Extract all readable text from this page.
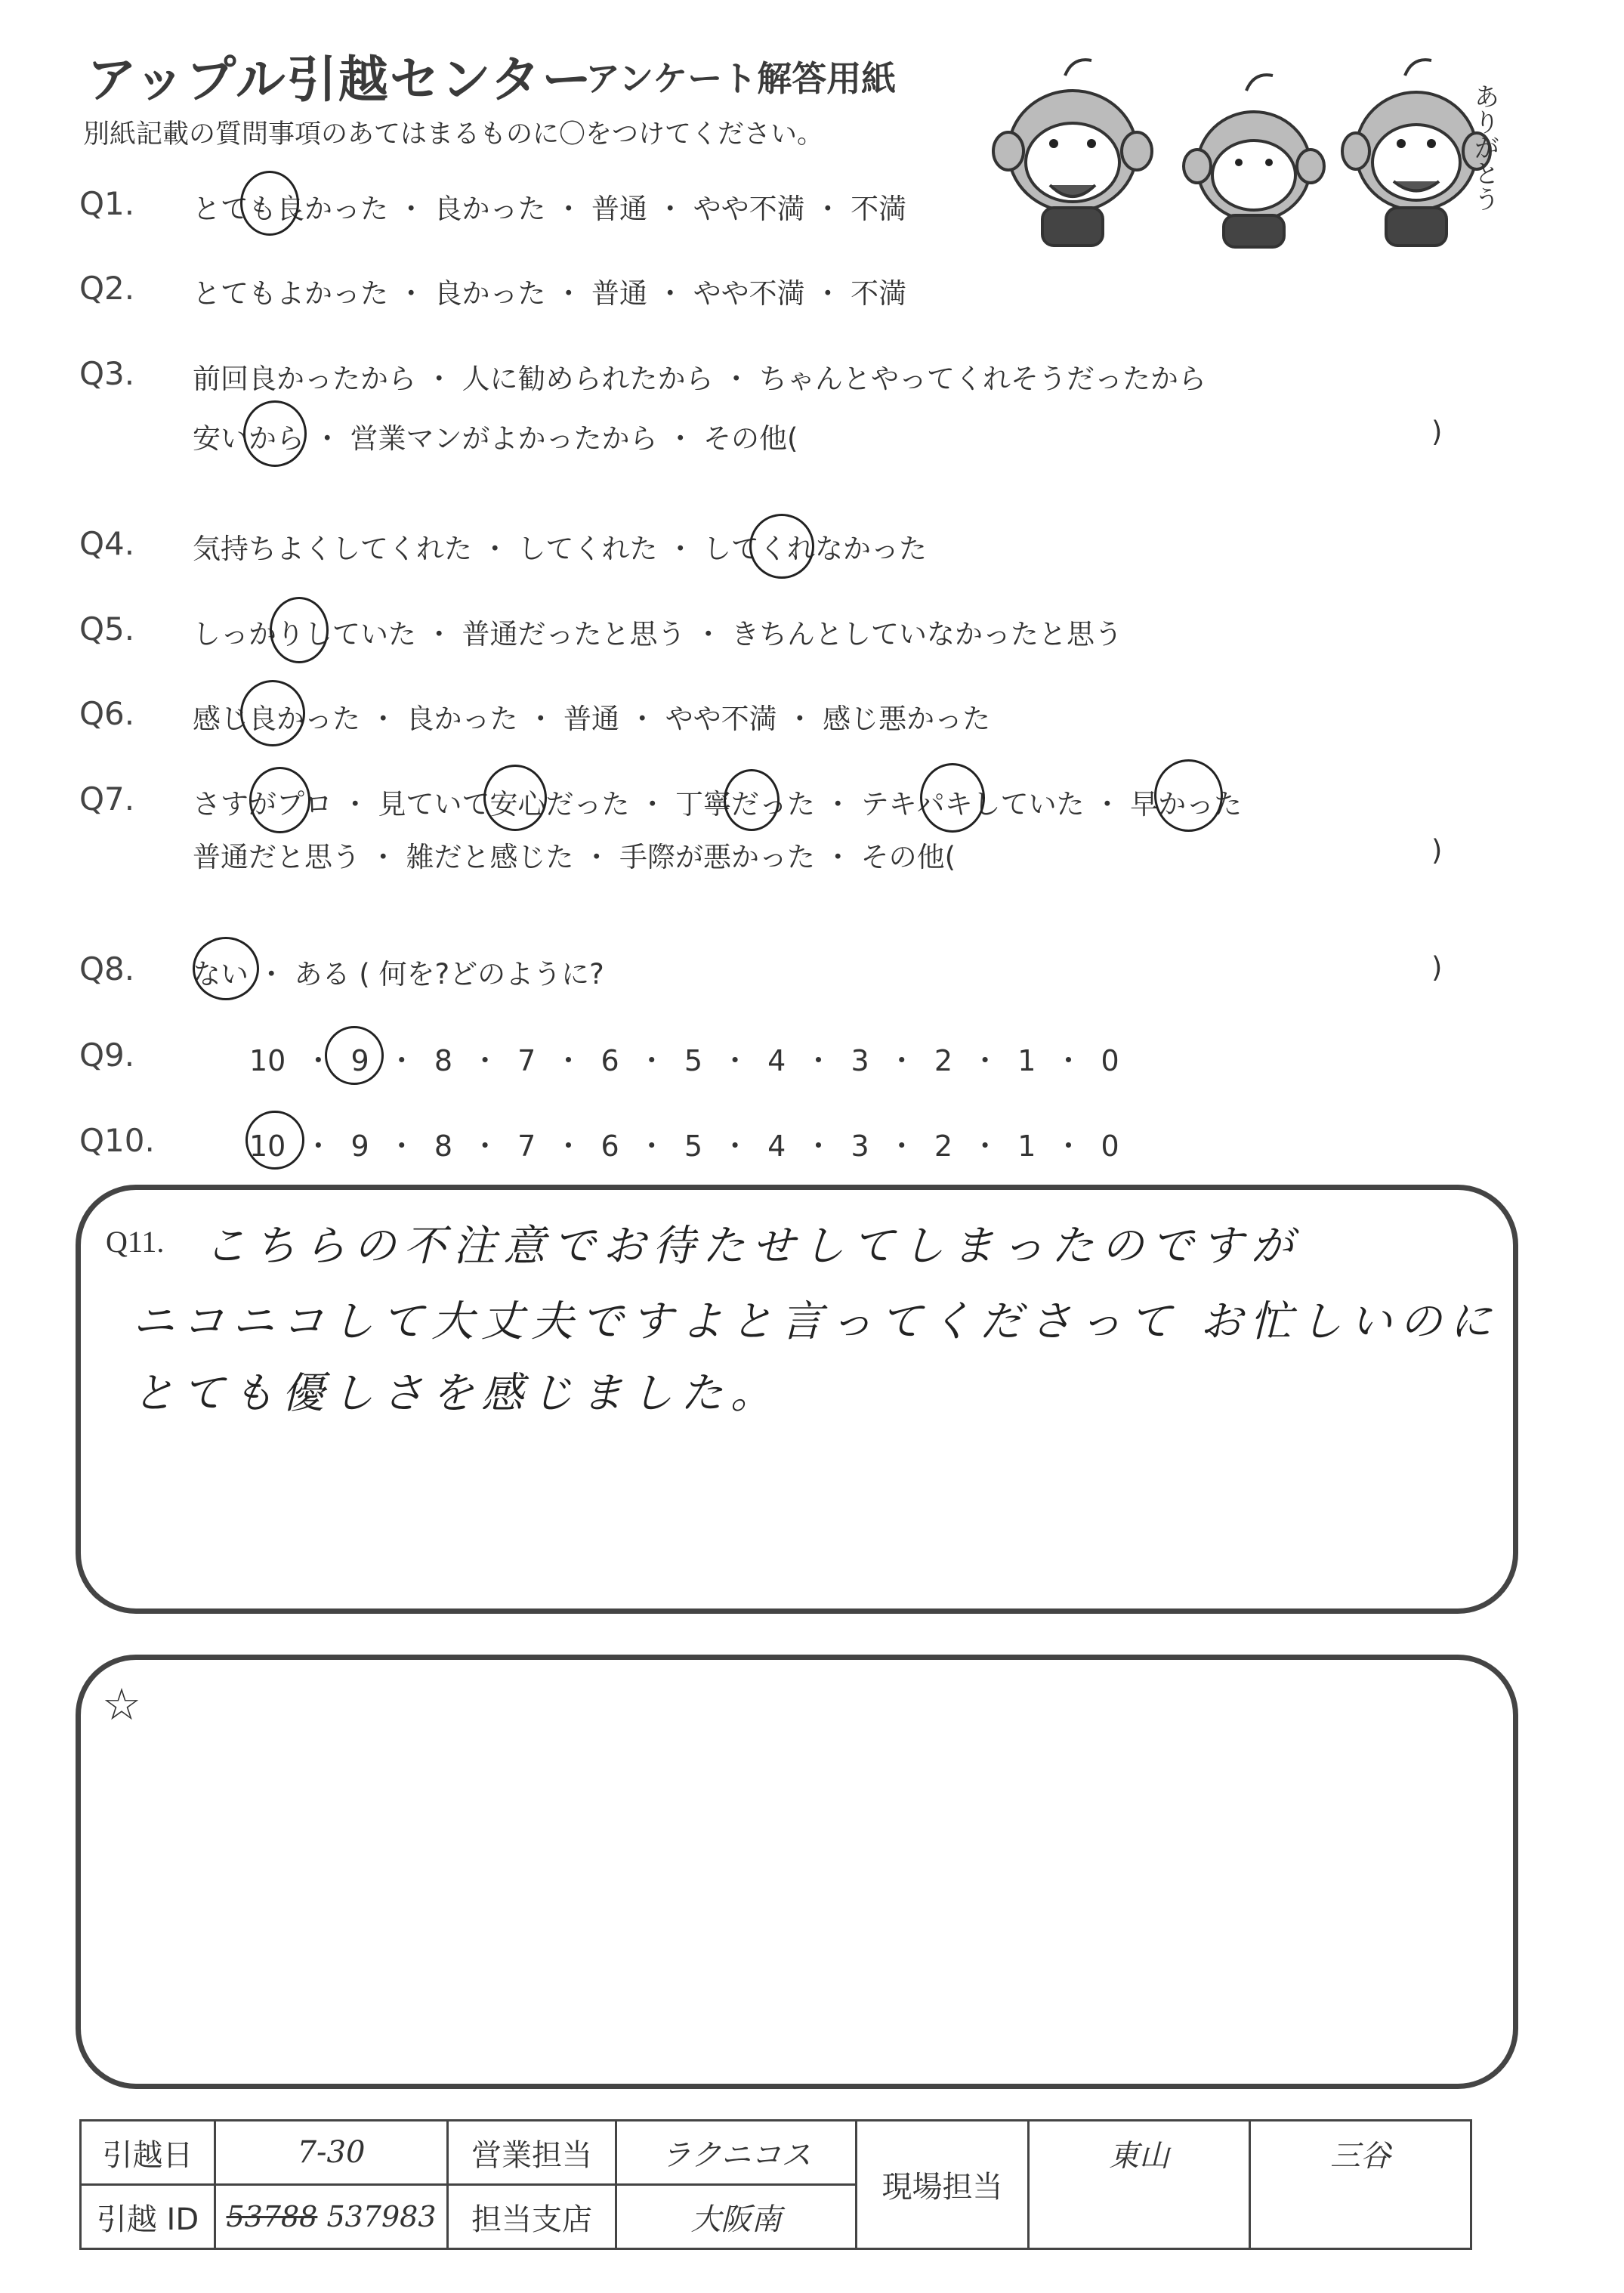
アップル引越センター
アンケート解答用紙
別紙記載の質問事項のあてはまるものに〇をつけてください。	ありがとう
Q1. とても良かった ・ 良かった ・ 普通 ・ やや不満 ・ 不満
Q2. とてもよかった ・ 良かった ・ 普通 ・ やや不満 ・ 不満
Q3. 前回良かったから ・ 人に勧められたから ・ ちゃんとやってくれそうだったから
安いから ・ 営業マンがよかったから ・ その他(	)
Q4. 気持ちよくしてくれた ・ してくれた ・ してくれなかった
Q5. しっかりしていた ・ 普通だったと思う ・ きちんとしていなかったと思う
Q6. 感じ良かった ・ 良かった ・ 普通 ・ やや不満 ・ 感じ悪かった
Q7. さすがプロ ・ 見ていて安心だった ・ 丁寧だった ・ テキパキしていた ・ 早かった
普通だと思う ・ 雑だと感じた ・ 手際が悪かった ・ その他(	)
Q8. ない ・ ある ( 何を?どのように?	)
Q9.	10 ・ 9 ・ 8 ・ 7 ・ 6 ・ 5 ・ 4 ・ 3 ・ 2 ・ 1 ・ 0
Q10.	10 ・ 9 ・ 8 ・ 7 ・ 6 ・ 5 ・ 4 ・ 3 ・ 2 ・ 1 ・ 0
Q11. こちらの不注意でお待たせしてしまったのですが
ニコニコして大丈夫ですよと言ってくださって お忙しいのに
とても優しさを感じました。
☆
引越日	7-30	営業担当	ラクニコス	現場担当	東山	三谷

引越 ID	53788 537983	担当支店	大阪南			
